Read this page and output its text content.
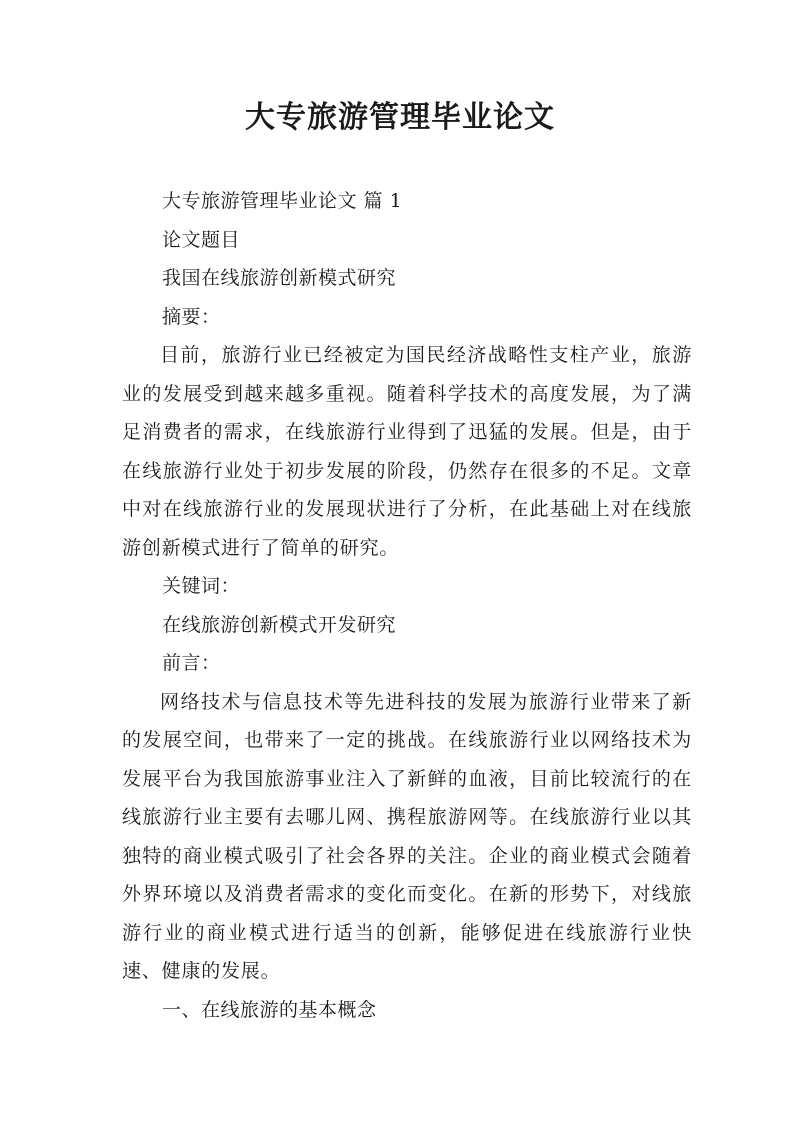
大专旅游管理毕业论文

大专旅游管理毕业论文 篇 1

论文题目

我国在线旅游创新模式研究

摘要：

目前，旅游行业已经被定为国民经济战略性支柱产业，旅游业的发展受到越来越多重视。随着科学技术的高度发展，为了满足消费者的需求，在线旅游行业得到了迅猛的发展。但是，由于在线旅游行业处于初步发展的阶段，仍然存在很多的不足。文章中对在线旅游行业的发展现状进行了分析，在此基础上对在线旅游创新模式进行了简单的研究。

关键词：

在线旅游创新模式开发研究

前言：

网络技术与信息技术等先进科技的发展为旅游行业带来了新的发展空间，也带来了一定的挑战。在线旅游行业以网络技术为发展平台为我国旅游事业注入了新鲜的血液，目前比较流行的在线旅游行业主要有去哪儿网、携程旅游网等。在线旅游行业以其独特的商业模式吸引了社会各界的关注。企业的商业模式会随着外界环境以及消费者需求的变化而变化。在新的形势下，对线旅游行业的商业模式进行适当的创新，能够促进在线旅游行业快速、健康的发展。

一、在线旅游的基本概念
